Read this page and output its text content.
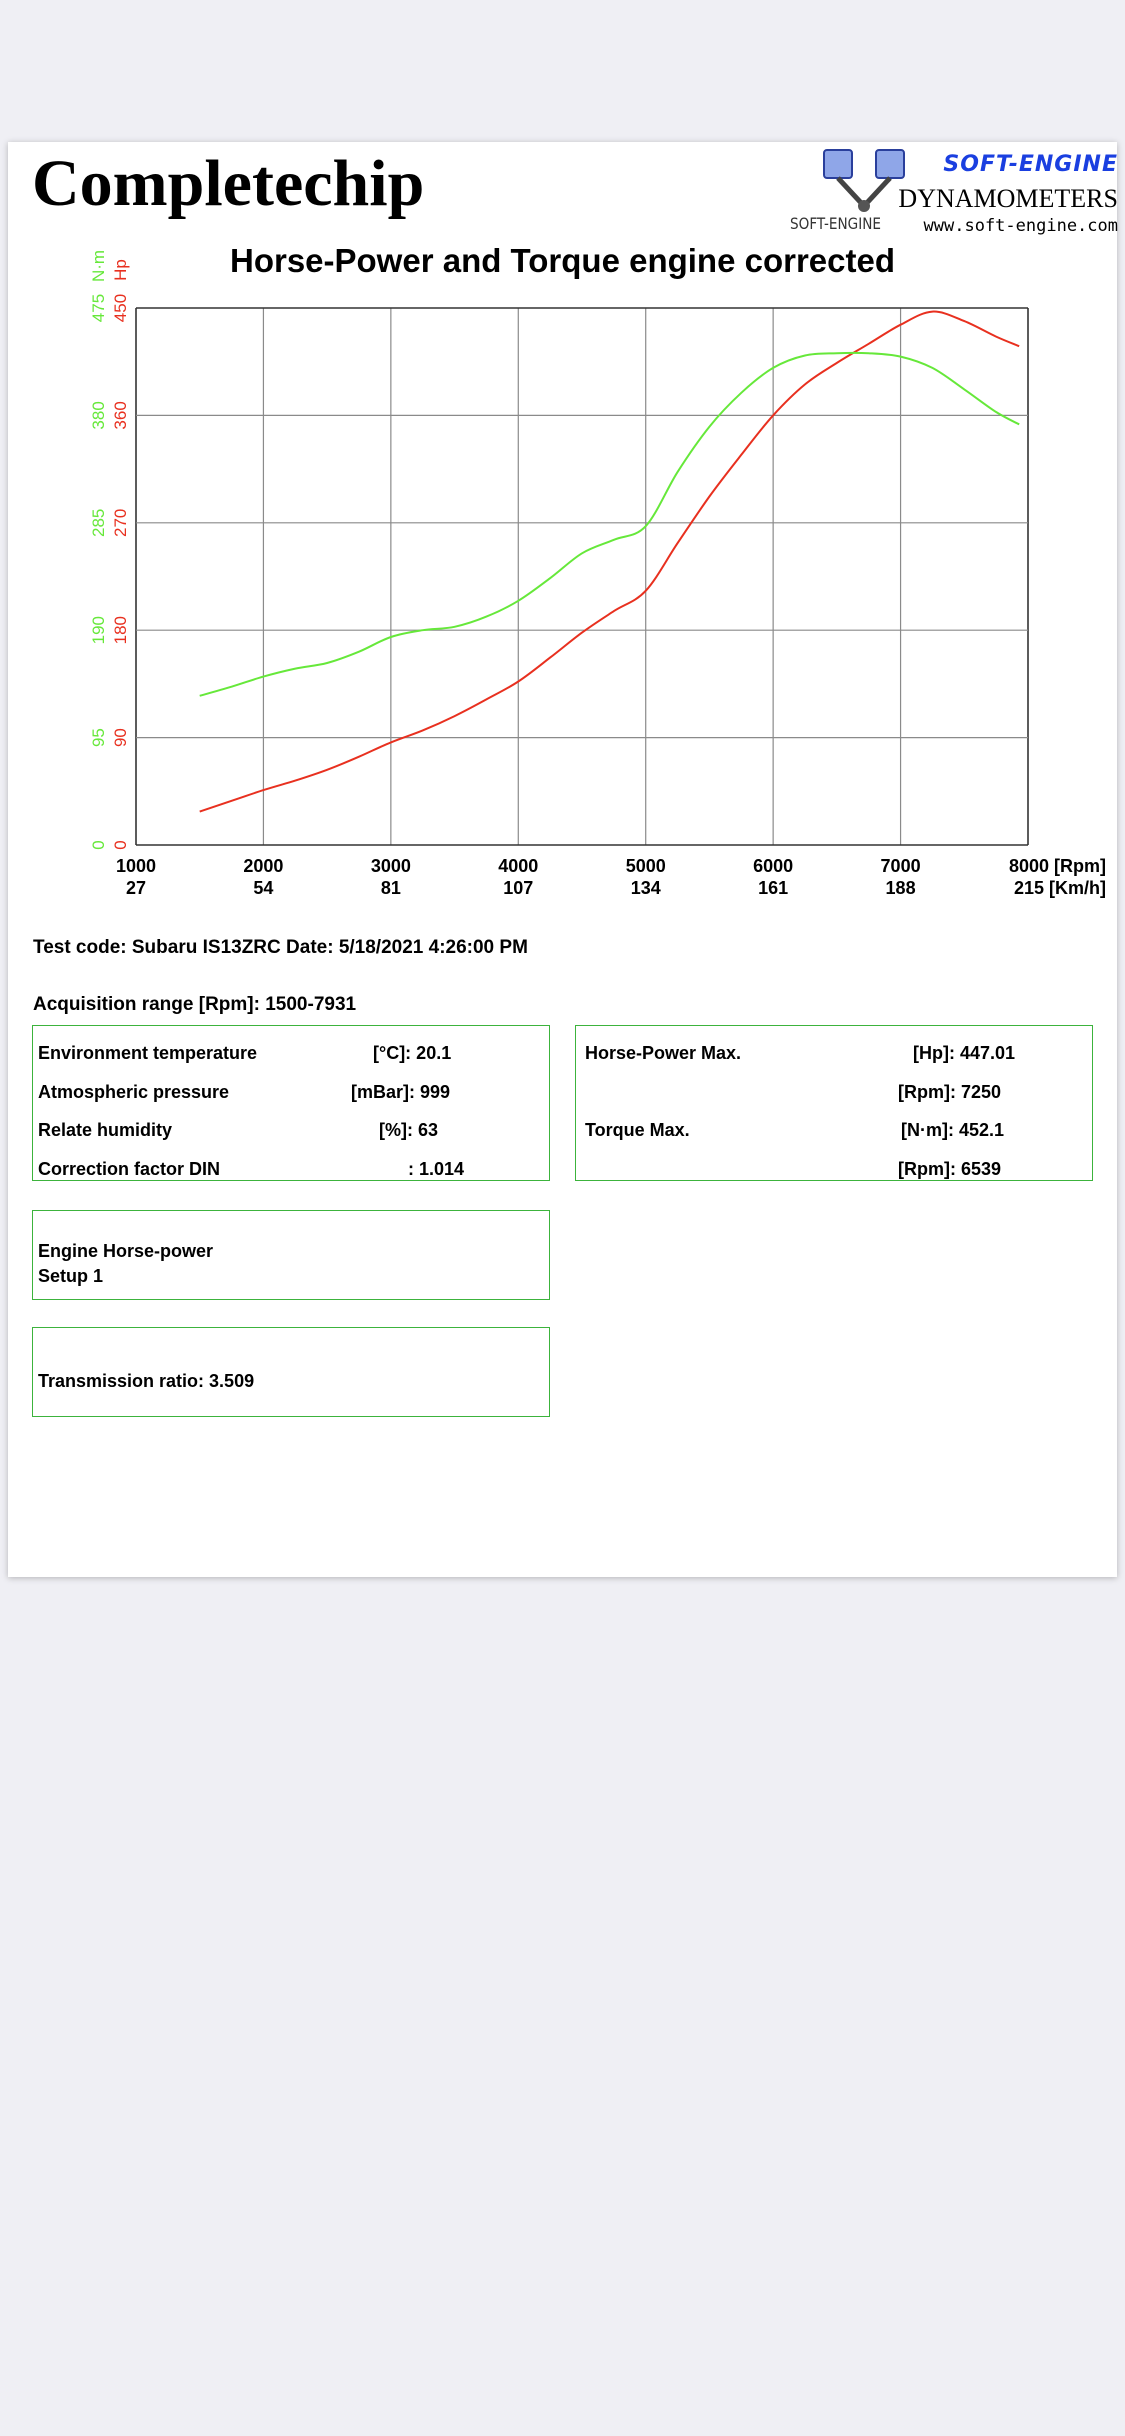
Completechip	SOFT-ENGINE
DYNAMOMETERS
www.soft-engine.com
SOFT-ENGINE
Horse-Power and Torque engine corrected
1000
27
2000
54
3000
81
4000
107
5000
134
6000
161
7000
188
8000 [Rpm]
215 [Km/h]
0
0
90
95
180
190
270
285
360
380
450
475
Hp
N·m
Test code: Subaru IS13ZRC Date: 5/18/2021 4:26:00 PM
Acquisition range [Rpm]: 1500-7931
Environment temperature	[°C]: 20.1
Atmospheric pressure	[mBar]: 999
Relate humidity	[%]: 63
Correction factor DIN	: 1.014
Horse-Power Max.	[Hp]: 447.01
[Rpm]: 7250
Torque Max.	[N·m]: 452.1
[Rpm]: 6539
Engine Horse-power
Setup 1
Transmission ratio: 3.509
